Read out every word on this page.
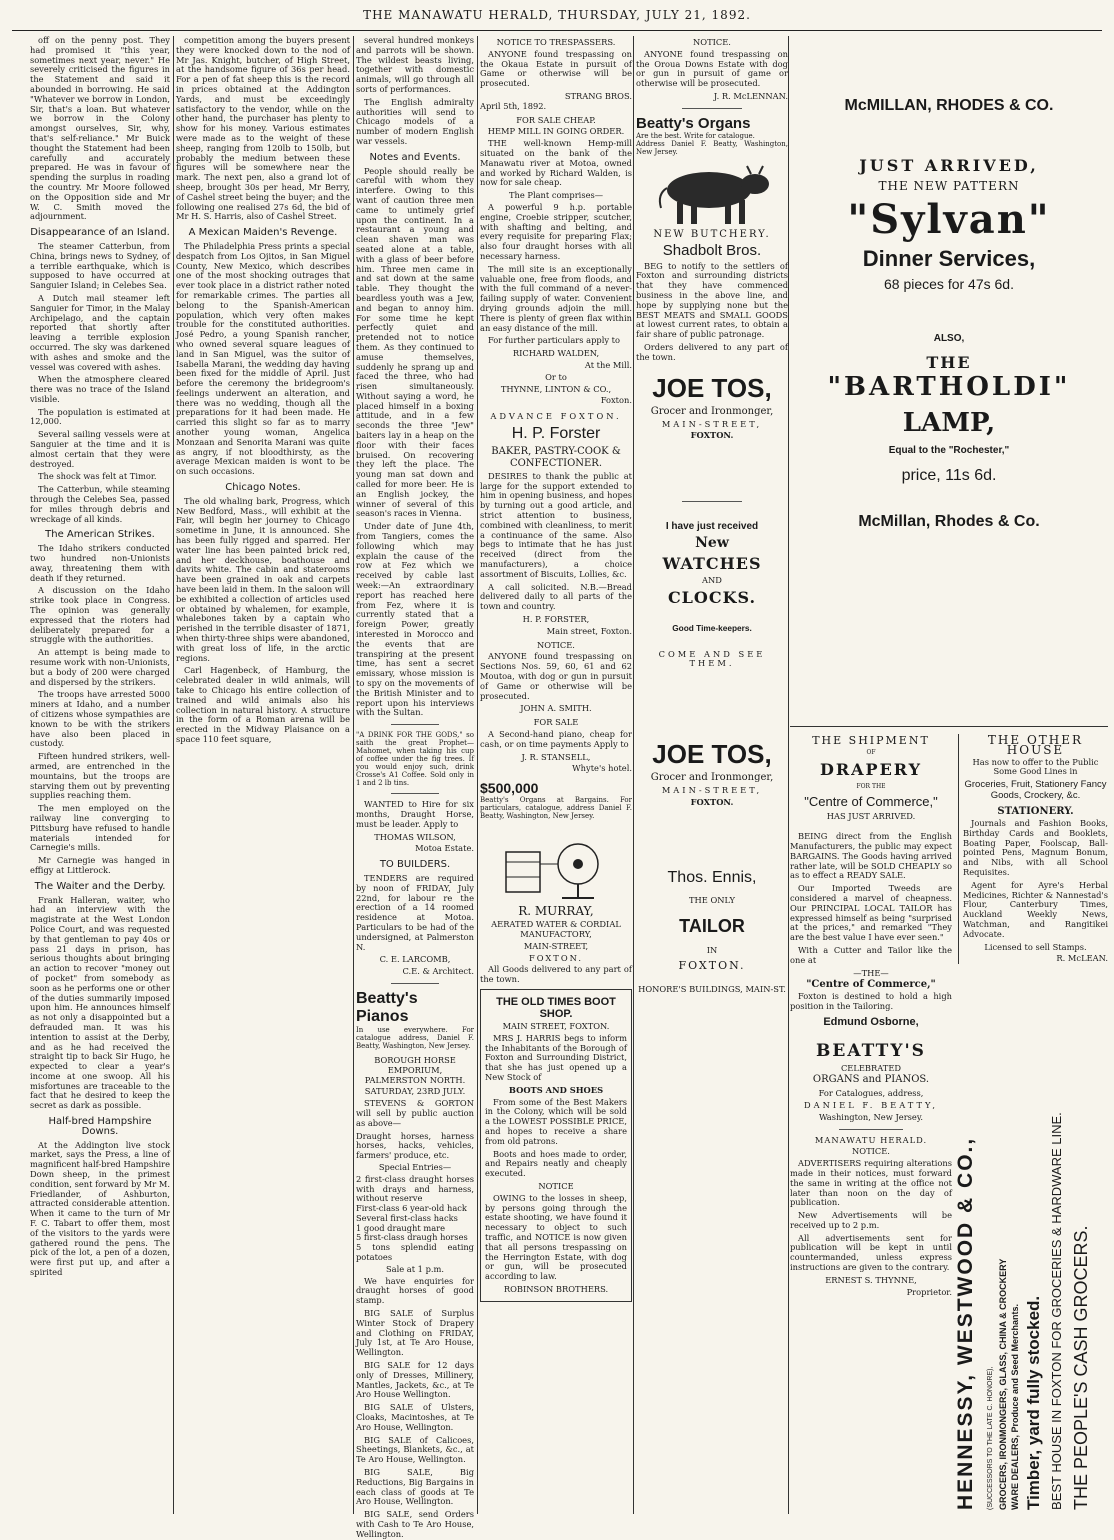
THE MANAWATU HERALD, THURSDAY, JULY 21, 1892.

off on the penny post. They had promised it "this year, sometimes next year, never." He severely criticised the figures in the Statement and said it abounded in borrowing. He said "Whatever we borrow in London, Sir, that's a loan. But whatever we borrow in the Colony amongst ourselves, Sir, why, that's self-reliance." Mr Buick thought the Statement had been carefully and accurately prepared. He was in favour of spending the surplus in roading the country. Mr Moore followed on the Opposition side and Mr W. C. Smith moved the adjournment.

Disappearance of an Island.

The steamer Catterbun, from China, brings news to Sydney, of a terrible earthquake, which is supposed to have occurred at Sanguier Island; in Celebes Sea.

A Dutch mail steamer left Sanguier for Timor, in the Malay Archipelago, and the captain reported that shortly after leaving a terrible explosion occurred. The sky was darkened with ashes and smoke and the vessel was covered with ashes.

When the atmosphere cleared there was no trace of the Island visible.

The population is estimated at 12,000.

Several sailing vessels were at Sanguier at the time and it is almost certain that they were destroyed.

The shock was felt at Timor.

The Catterbun, while steaming through the Celebes Sea, passed for miles through debris and wreckage of all kinds.

The American Strikes.

The Idaho strikers conducted two hundred non-Unionists away, threatening them with death if they returned.

A discussion on the Idaho strike took place in Congress. The opinion was generally expressed that the rioters had deliberately prepared for a struggle with the authorities.

An attempt is being made to resume work with non-Unionists, but a body of 200 were charged and dispersed by the strikers.

The troops have arrested 5000 miners at Idaho, and a number of citizens whose sympathies are known to be with the strikers have also been placed in custody.

Fifteen hundred strikers, well-armed, are entrenched in the mountains, but the troops are starving them out by preventing supplies reaching them.

The men employed on the railway line converging to Pittsburg have refused to handle materials intended for Carnegie's mills.

Mr Carnegie was hanged in effigy at Littlerock.

The Waiter and the Derby.

Frank Halleran, waiter, who had an interview with the magistrate at the West London Police Court, and was requested by that gentleman to pay 40s or pass 21 days in prison, has serious thoughts about bringing an action to recover "money out of pocket" from somebody as soon as he performs one or other of the duties summarily imposed upon him. He announces himself as not only a disappointed but a defrauded man. It was his intention to assist at the Derby, and as he had received the straight tip to back Sir Hugo, he expected to clear a year's income at one swoop. All his misfortunes are traceable to the fact that he desired to keep the secret as dark as possible.

Half-bred Hampshire Downs.

At the Addington live stock market, says the Press, a line of magnificent half-bred Hampshire Down sheep, in the primest condition, sent forward by Mr M. Friedlander, of Ashburton, attracted considerable attention. When it came to the turn of Mr F. C. Tabart to offer them, most of the visitors to the yards were gathered round the pens. The pick of the lot, a pen of a dozen, were first put up, and after a spirited

competition among the buyers present they were knocked down to the nod of Mr Jas. Knight, butcher, of High Street, at the handsome figure of 36s per head. For a pen of fat sheep this is the record in prices obtained at the Addington Yards, and must be exceedingly satisfactory to the vendor, while on the other hand, the purchaser has plenty to show for his money. Various estimates were made as to the weight of these sheep, ranging from 120lb to 150lb, but probably the medium between these figures will be somewhere near the mark. The next pen, also a grand lot of sheep, brought 30s per head, Mr Berry, of Cashel street being the buyer; and the following one realised 27s 6d, the bid of Mr H. S. Harris, also of Cashel Street.

A Mexican Maiden's Revenge.

The Philadelphia Press prints a special despatch from Los Ojitos, in San Miguel County, New Mexico, which describes one of the most shocking outrages that ever took place in a district rather noted for remarkable crimes. The parties all belong to the Spanish-American population, which very often makes trouble for the constituted authorities. José Pedro, a young Spanish rancher, who owned several square leagues of land in San Miguel, was the suitor of Isabella Marani, the wedding day having been fixed for the middle of April. Just before the ceremony the bridegroom's feelings underwent an alteration, and there was no wedding, though all the preparations for it had been made. He carried this slight so far as to marry another young woman, Angelica Monzaan and Senorita Marani was quite as angry, if not bloodthirsty, as the average Mexican maiden is wont to be on such occasions.

Chicago Notes.

The old whaling bark, Progress, which New Bedford, Mass., will exhibit at the Fair, will begin her journey to Chicago sometime in June, it is announced. She has been fully rigged and sparred. Her water line has been painted brick red, and her deckhouse, boathouse and davits white. The cabin and staterooms have been grained in oak and carpets have been laid in them. In the saloon will be exhibited a collection of articles used or obtained by whalemen, for example, whalebones taken by a captain who perished in the terrible disaster of 1871, when thirty-three ships were abandoned, with great loss of life, in the arctic regions.

Carl Hagenbeck, of Hamburg, the celebrated dealer in wild animals, will take to Chicago his entire collection of trained and wild animals also his collection in natural history. A structure in the form of a Roman arena will be erected in the Midway Plaisance on a space 110 feet square,

several hundred monkeys and parrots will be shown. The wildest beasts living, together with domestic animals, will go through all sorts of performances.

The English admiralty authorities will send to Chicago models of a number of modern English war vessels.

Notes and Events.

People should really be careful with whom they interfere. Owing to this want of caution three men came to untimely grief upon the continent. In a restaurant a young and clean shaven man was seated alone at a table, with a glass of beer before him. Three men came in and sat down at the same table. They thought the beardless youth was a Jew, and began to annoy him. For some time he kept perfectly quiet and pretended not to notice them. As they continued to amuse themselves, suddenly he sprang up and faced the three, who had risen simultaneously. Without saying a word, he placed himself in a boxing attitude, and in a few seconds the three "Jew" baiters lay in a heap on the floor with their faces bruised. On recovering they left the place. The young man sat down and called for more beer. He is an English jockey, the winner of several of this season's races in Vienna.

Under date of June 4th, from Tangiers, comes the following which may explain the cause of the row at Fez which we received by cable last week:—An extraordinary report has reached here from Fez, where it is currently stated that a foreign Power, greatly interested in Morocco and the events that are transpiring at the present time, has sent a secret emissary, whose mission is to spy on the movements of the British Minister and to report upon his interviews with the Sultan.

"A DRINK FOR THE GODS," so saith the great Prophet—Mahomet, when taking his cup of coffee under the fig trees. If you would enjoy such, drink Crosse's A1 Coffee. Sold only in 1 and 2 lb tins.

WANTED to Hire for six months, Draught Horse, must be leader. Apply to

THOMAS WILSON,
Motoa Estate.
TO BUILDERS.

TENDERS are required by noon of FRIDAY, July 22nd, for labour re the erection of a 14 roomed residence at Motoa. Particulars to be had of the undersigned, at Palmerston N.

C. E. LARCOMB,
C.E. & Architect.
Beatty's Pianos
In use everywhere. For catalogue address, Daniel F. Beatty, Washington, New Jersey.
BOROUGH HORSE EMPORIUM, PALMERSTON NORTH.
SATURDAY, 23RD JULY.

STEVENS & GORTON will sell by public auction as above—

Draught horses, harness horses, hacks, vehicles, farmers' produce, etc.
Special Entries—
2 first-class draught horses with drays and harness, without reserve
First-class 6 year-old hack
Several first-class hacks
1 good draught mare
5 first-class draugh horses
5 tons splendid eating potatoes
Sale at 1 p.m.

We have enquiries for draught horses of good stamp.

BIG SALE of Surplus Winter Stock of Drapery and Clothing on FRIDAY, July 1st, at Te Aro House, Wellington.

BIG SALE for 12 days only of Dresses, Millinery, Mantles, Jackets, &c., at Te Aro House Wellington.

BIG SALE of Ulsters, Cloaks, Macintoshes, at Te Aro House, Wellington.

BIG SALE of Calicoes, Sheetings, Blankets, &c., at Te Aro House, Wellington.

BIG SALE, Big Reductions, Big Bargains in each class of goods at Te Aro House, Wellington.

BIG SALE, send Orders with Cash to Te Aro House, Wellington.

NOTICE TO TRESPASSERS.

ANYONE found trespassing on the Okaua Estate in pursuit of Game or otherwise will be prosecuted.

STRANG BROS.
April 5th, 1892.
FOR SALE CHEAP.
HEMP MILL IN GOING ORDER.

THE well-known Hemp-mill situated on the bank of the Manawatu river at Motoa, owned and worked by Richard Walden, is now for sale cheap.

The Plant comprises—

A powerful 9 h.p. portable engine, Croebie stripper, scutcher, with shafting and belting, and every requisite for preparing Flax; also four draught horses with all necessary harness.

The mill site is an exceptionally valuable one, free from floods, and with the full command of a never-failing supply of water. Convenient drying grounds adjoin the mill. There is plenty of green flax within an easy distance of the mill.

For further particulars apply to

RICHARD WALDEN,
At the Mill.
Or to
THYNNE, LINTON & CO.,
Foxton.
ADVANCE FOXTON.
H. P. Forster
BAKER, PASTRY-COOK & CONFECTIONER.

DESIRES to thank the public at large for the support extended to him in opening business, and hopes by turning out a good article, and strict attention to business, combined with cleanliness, to merit a continuance of the same. Also begs to intimate that he has just received (direct from the manufacturers), a choice assortment of Biscuits, Lollies, &c.

A call solicited. N.B.—Bread delivered daily to all parts of the town and country.

H. P. FORSTER,
Main street, Foxton.
NOTICE.

ANYONE found trespassing on Sections Nos. 59, 60, 61 and 62 Moutoa, with dog or gun in pursuit of Game or otherwise will be prosecuted.

JOHN A. SMITH.
FOR SALE

A Second-hand piano, cheap for cash, or on time payments Apply to

J. R. STANSELL,
Whyte's hotel.
$500,000
Beatty's Organs at Bargains. For particulars, catalogue, address Daniel F. Beatty, Washington, New Jersey.
R. MURRAY,
AERATED WATER & CORDIAL MANUFACTORY,
MAIN-STREET,
FOXTON.

All Goods delivered to any part of the town.

THE OLD TIMES BOOT SHOP.
MAIN STREET, FOXTON.

MRS J. HARRIS begs to inform the Inhabitants of the Borough of Foxton and Surrounding District, that she has just opened up a New Stock of

BOOTS AND SHOES

From some of the Best Makers in the Colony, which will be sold a the LOWEST POSSIBLE PRICE, and hopes to receive a share from old patrons.

Boots and hoes made to order, and Repairs neatly and cheaply executed.

NOTICE

OWING to the losses in sheep, by persons going through the estate shooting, we have found it necessary to object to such traffic, and NOTICE is now given that all persons trespassing on the Herrington Estate, with dog or gun, will be prosecuted according to law.

ROBINSON BROTHERS.
NOTICE.

ANYONE found trespassing on the Oroua Downs Estate with dog or gun in pursuit of game or otherwise will be prosecuted.

J. R. McLENNAN.
Beatty's Organs
Are the best. Write for catalogue.
Address Daniel F. Beatty, Washington, New Jersey.
NEW BUTCHERY.
Shadbolt Bros.

BEG to notify to the settlers of Foxton and surrounding districts that they have commenced business in the above line, and hope by supplying none but the BEST MEATS and SMALL GOODS at lowest current rates, to obtain a fair share of public patronage.

Orders delivered to any part of the town.

JOE TOS,
Grocer and Ironmonger,
MAIN-STREET,
FOXTON.
I have just received
New
WATCHES
AND
CLOCKS.
Good Time-keepers.
COME AND SEE THEM.
JOE TOS,
Grocer and Ironmonger,
MAIN-STREET,
FOXTON.
Thos. Ennis,
THE ONLY
TAILOR
IN
FOXTON.
HONORE'S BUILDINGS, MAIN-ST.
McMILLAN, RHODES & CO.
JUST ARRIVED,
THE NEW PATTERN
"Sylvan"
Dinner Services,
68 pieces for 47s 6d.
ALSO,
THE
"BARTHOLDI"
LAMP,
Equal to the "Rochester,"
price, 11s 6d.
McMillan, Rhodes & Co.
THE SHIPMENT
OF
DRAPERY
FOR THE
"Centre of Commerce,"
HAS JUST ARRIVED.

BEING direct from the English Manufacturers, the public may expect BARGAINS. The Goods having arrived rather late, will be SOLD CHEAPLY so as to effect a READY SALE.

Our Imported Tweeds are considered a marvel of cheapness. Our PRINCIPAL LOCAL TAILOR has expressed himself as being "surprised at the prices," and remarked "They are the best value I have ever seen."

With a Cutter and Tailor like the one at

—THE—
"Centre of Commerce,"

Foxton is destined to hold a high position in the Tailoring.

Edmund Osborne,
BEATTY'S
CELEBRATED
ORGANS and PIANOS.
For Catalogues, address,
DANIEL F. BEATTY,
Washington, New Jersey.
MANAWATU HERALD.
NOTICE.

ADVERTISERS requiring alterations made in their notices, must forward the same in writing at the office not later than noon on the day of publication.

New Advertisements will be received up to 2 p.m.

All advertisements sent for publication will be kept in until countermanded, unless express instructions are given to the contrary.

ERNEST S. THYNNE,
Proprietor.
THE OTHER HOUSE
Has now to offer to the Public Some Good Lines in
Groceries, Fruit, Stationery Fancy Goods, Crockery, &c.
STATIONERY.

Journals and Fashion Books, Birthday Cards and Booklets, Boating Paper, Foolscap, Ball-pointed Pens, Magnum Bonum, and Nibs, with all School Requisites.

Agent for Ayre's Herbal Medicines, Richter & Nannestad's Flour, Canterbury Times, Auckland Weekly News, Watchman, and Rangitikei Advocate.

Licensed to sell Stamps.
R. McLEAN.
HENNESSY, WESTWOOD & CO., (SUCCESSORS TO THE LATE C. HONORE), GROCERS, IRONMONGERS, GLASS, CHINA & CROCKERY WARE DEALERS, Produce and Seed Merchants. Timber, yard fully stocked. BEST HOUSE IN FOXTON FOR GROCERIES & HARDWARE LINE. THE PEOPLE'S CASH GROCERS.
